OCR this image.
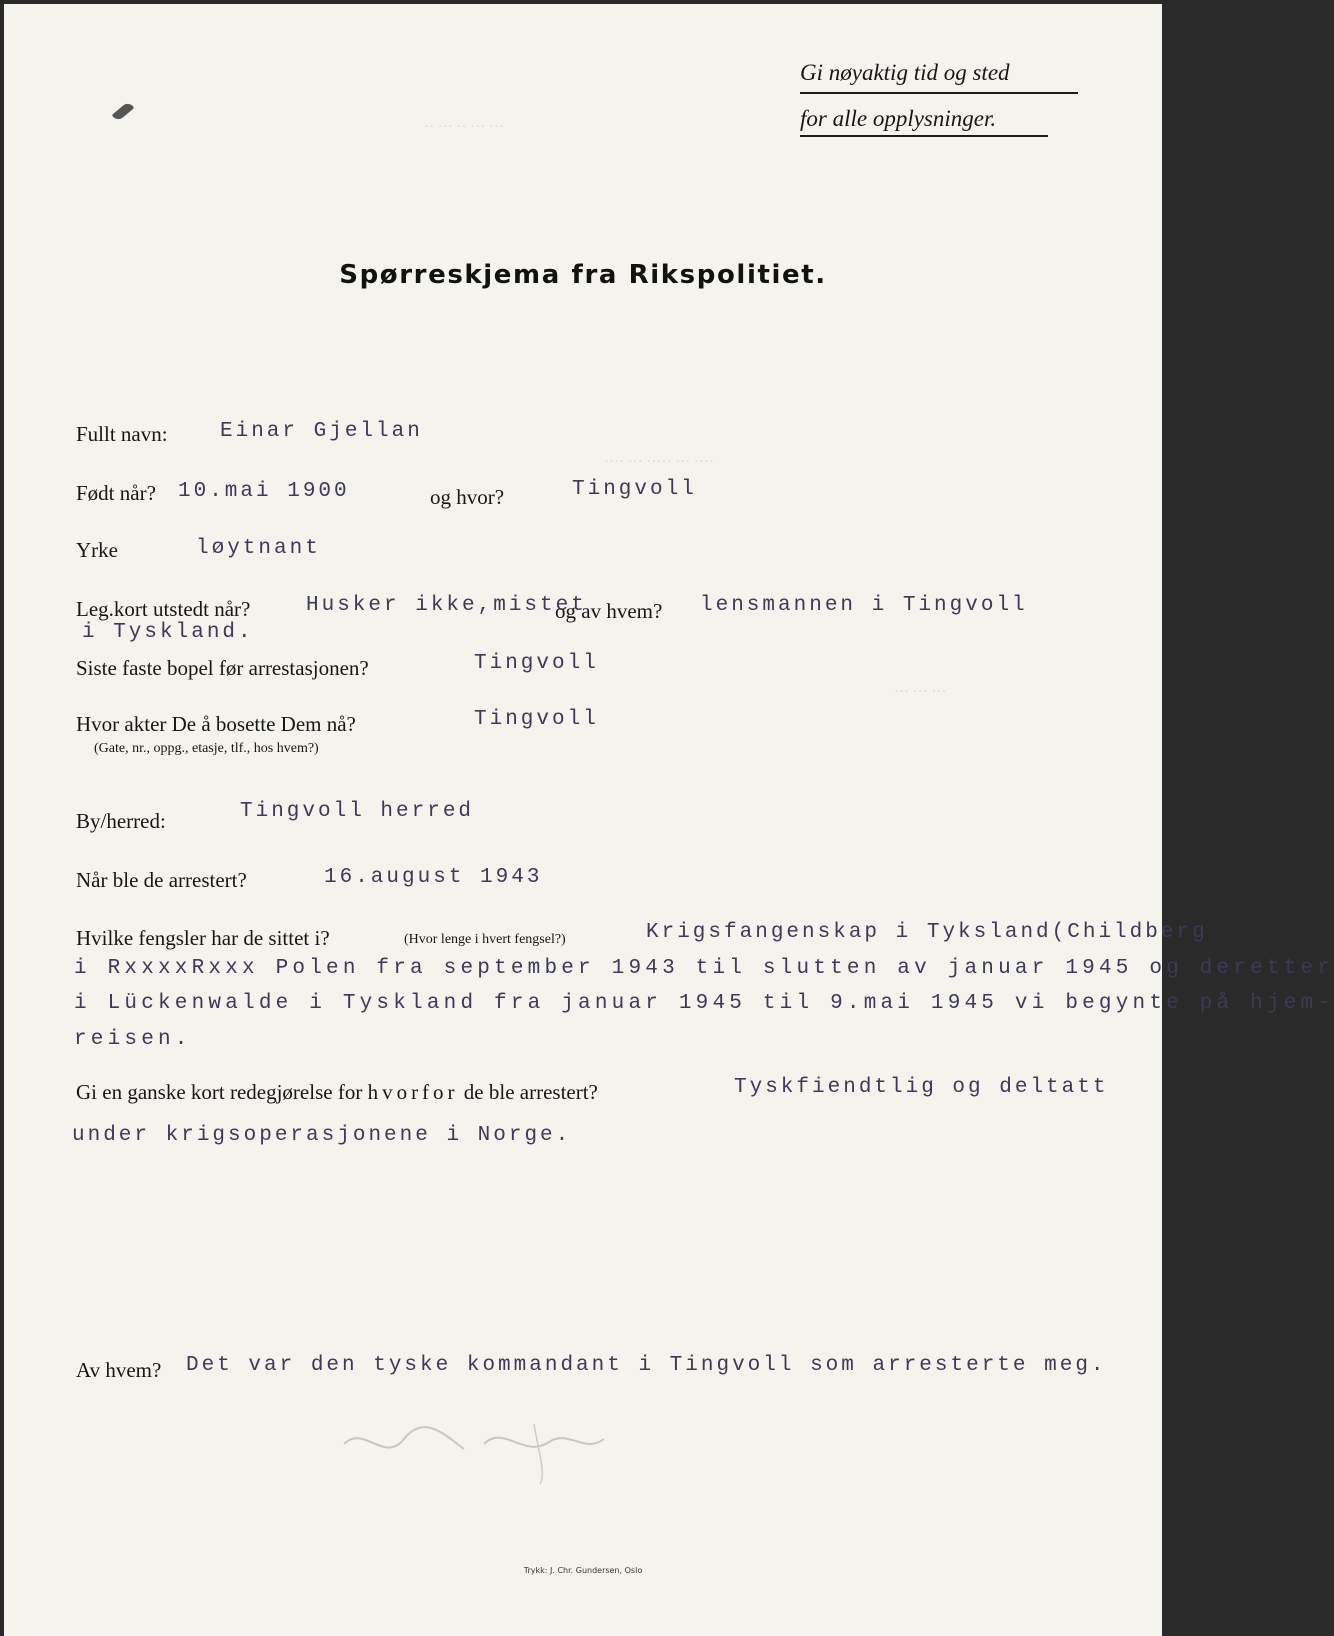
·· ··· ·· ··· ···
···· ··· ····· ··· ····
··· ··· ···
Gi nøyaktig tid og sted
for alle opplysninger.
Spørreskjema fra Rikspolitiet.
Fullt navn: Einar Gjellan
Født når? 10.mai 1900	og hvor?	Tingvoll
Yrke	løytnant
Leg.kort utstedt når?	Husker ikke,mistet
og av hvem? lensmannen i Tingvoll
i Tyskland.
Siste faste bopel før arrestasjonen?	Tingvoll
Hvor akter De å bosette Dem nå?	Tingvoll
(Gate, nr., oppg., etasje, tlf., hos hvem?)
By/herred:	Tingvoll herred
Når ble de arrestert?	16.august 1943
Hvilke fengsler har de sittet i?	(Hvor lenge i hvert fengsel?)	Krigsfangenskap i Tyksland(Childberg
i RxxxxRxxx Polen fra september 1943 til slutten av januar 1945 og deretter
i Lückenwalde i Tyskland fra januar 1945 til 9.mai 1945 vi begynte på hjem-
reisen.
Gi en ganske kort redegjørelse for hvorfor de ble arrestert?	Tyskfiendtlig og deltatt
under krigsoperasjonene i Norge.
Av hvem? Det var den tyske kommandant i Tingvoll som arresterte meg.
Trykk: J. Chr. Gundersen, Oslo
